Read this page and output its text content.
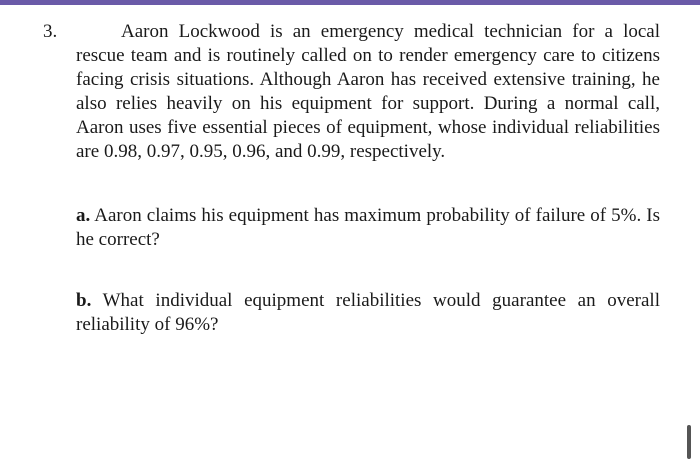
3.	Aaron Lockwood is an emergency medical technician for a local rescue team and is routinely called on to render emergency care to citizens facing crisis situations. Although Aaron has received extensive training, he also relies heavily on his equipment for support. During a normal call, Aaron uses five essential pieces of equipment, whose individual reliabilities are 0.98, 0.97, 0.95, 0.96, and 0.99, respectively.

a. Aaron claims his equipment has maximum probability of failure of 5%. Is he correct?

b. What individual equipment reliabilities would guarantee an overall reliability of 96%?
